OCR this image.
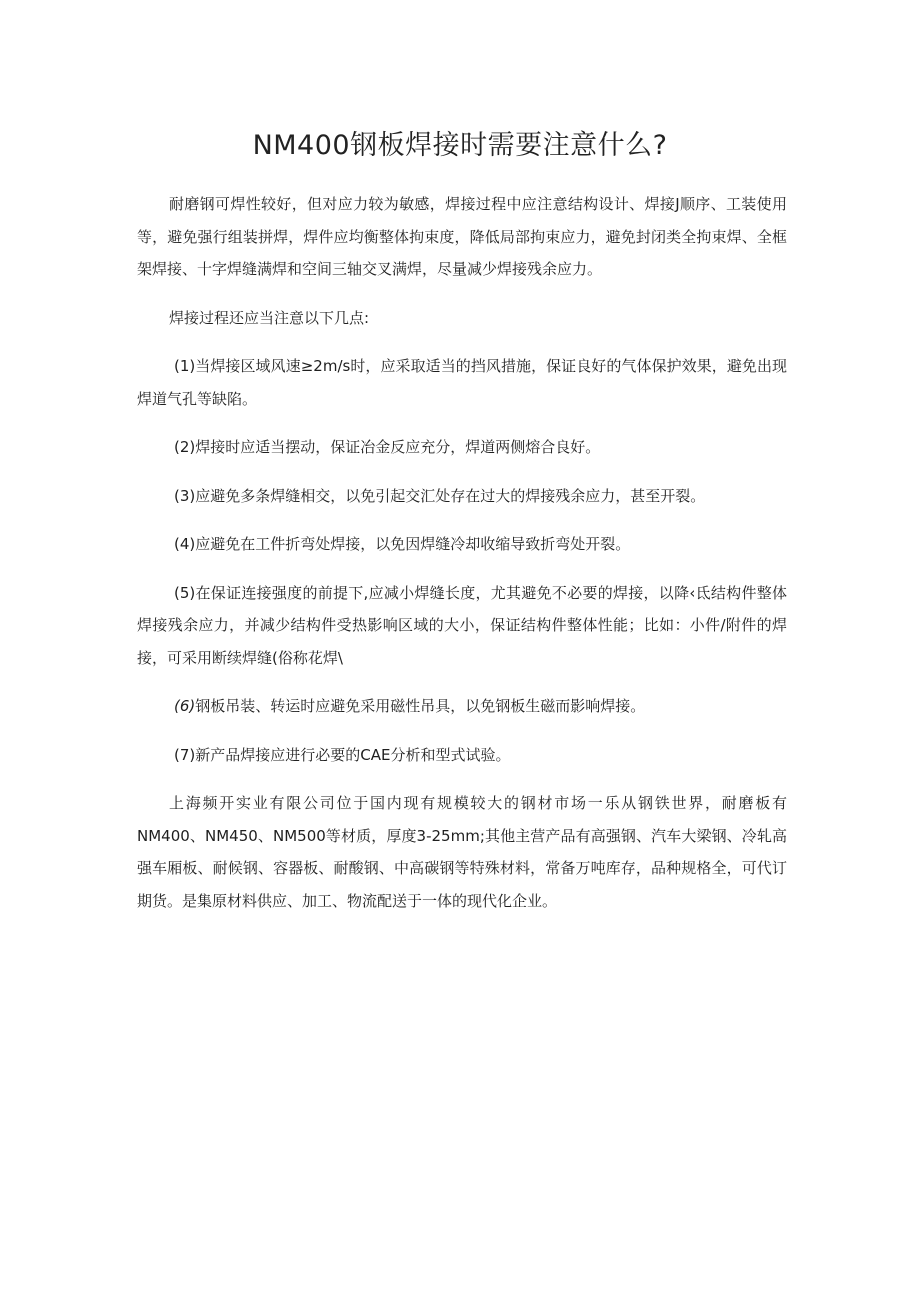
NM400钢板焊接时需要注意什么?

耐磨钢可焊性较好，但对应力较为敏感，焊接过程中应注意结构设计、焊接J顺序、工装使用等，避免强行组装拼焊，焊件应均衡整体拘束度，降低局部拘束应力，避免封闭类全拘束焊、全框架焊接、十字焊缝满焊和空间三轴交叉满焊，尽量减少焊接残余应力。

焊接过程还应当注意以下几点:

(1)当焊接区域风速≥2m/s时，应采取适当的挡风措施，保证良好的气体保护效果，避免出现焊道气孔等缺陷。

(2)焊接时应适当摆动，保证冶金反应充分，焊道两侧熔合良好。

(3)应避免多条焊缝相交，以免引起交汇处存在过大的焊接残余应力，甚至开裂。

(4)应避免在工件折弯处焊接，以免因焊缝冷却收缩导致折弯处开裂。

(5)在保证连接强度的前提下,应减小焊缝长度，尤其避免不必要的焊接，以降‹氐结构件整体焊接残余应力，并减少结构件受热影响区域的大小，保证结构件整体性能；比如：小件/附件的焊接，可采用断续焊缝(俗称花焊\

(6)钢板吊装、转运时应避免采用磁性吊具，以免钢板生磁而影响焊接。

(7)新产品焊接应进行必要的CAE分析和型式试验。

上海频开实业有限公司位于国内现有规模较大的钢材市场一乐从钢铁世界，耐磨板有NM400、NM450、NM500等材质，厚度3-25mm;其他主营产品有高强钢、汽车大梁钢、冷轧高强车厢板、耐候钢、容器板、耐酸钢、中高碳钢等特殊材料，常备万吨库存，品种规格全，可代订期货。是集原材料供应、加工、物流配送于一体的现代化企业。
